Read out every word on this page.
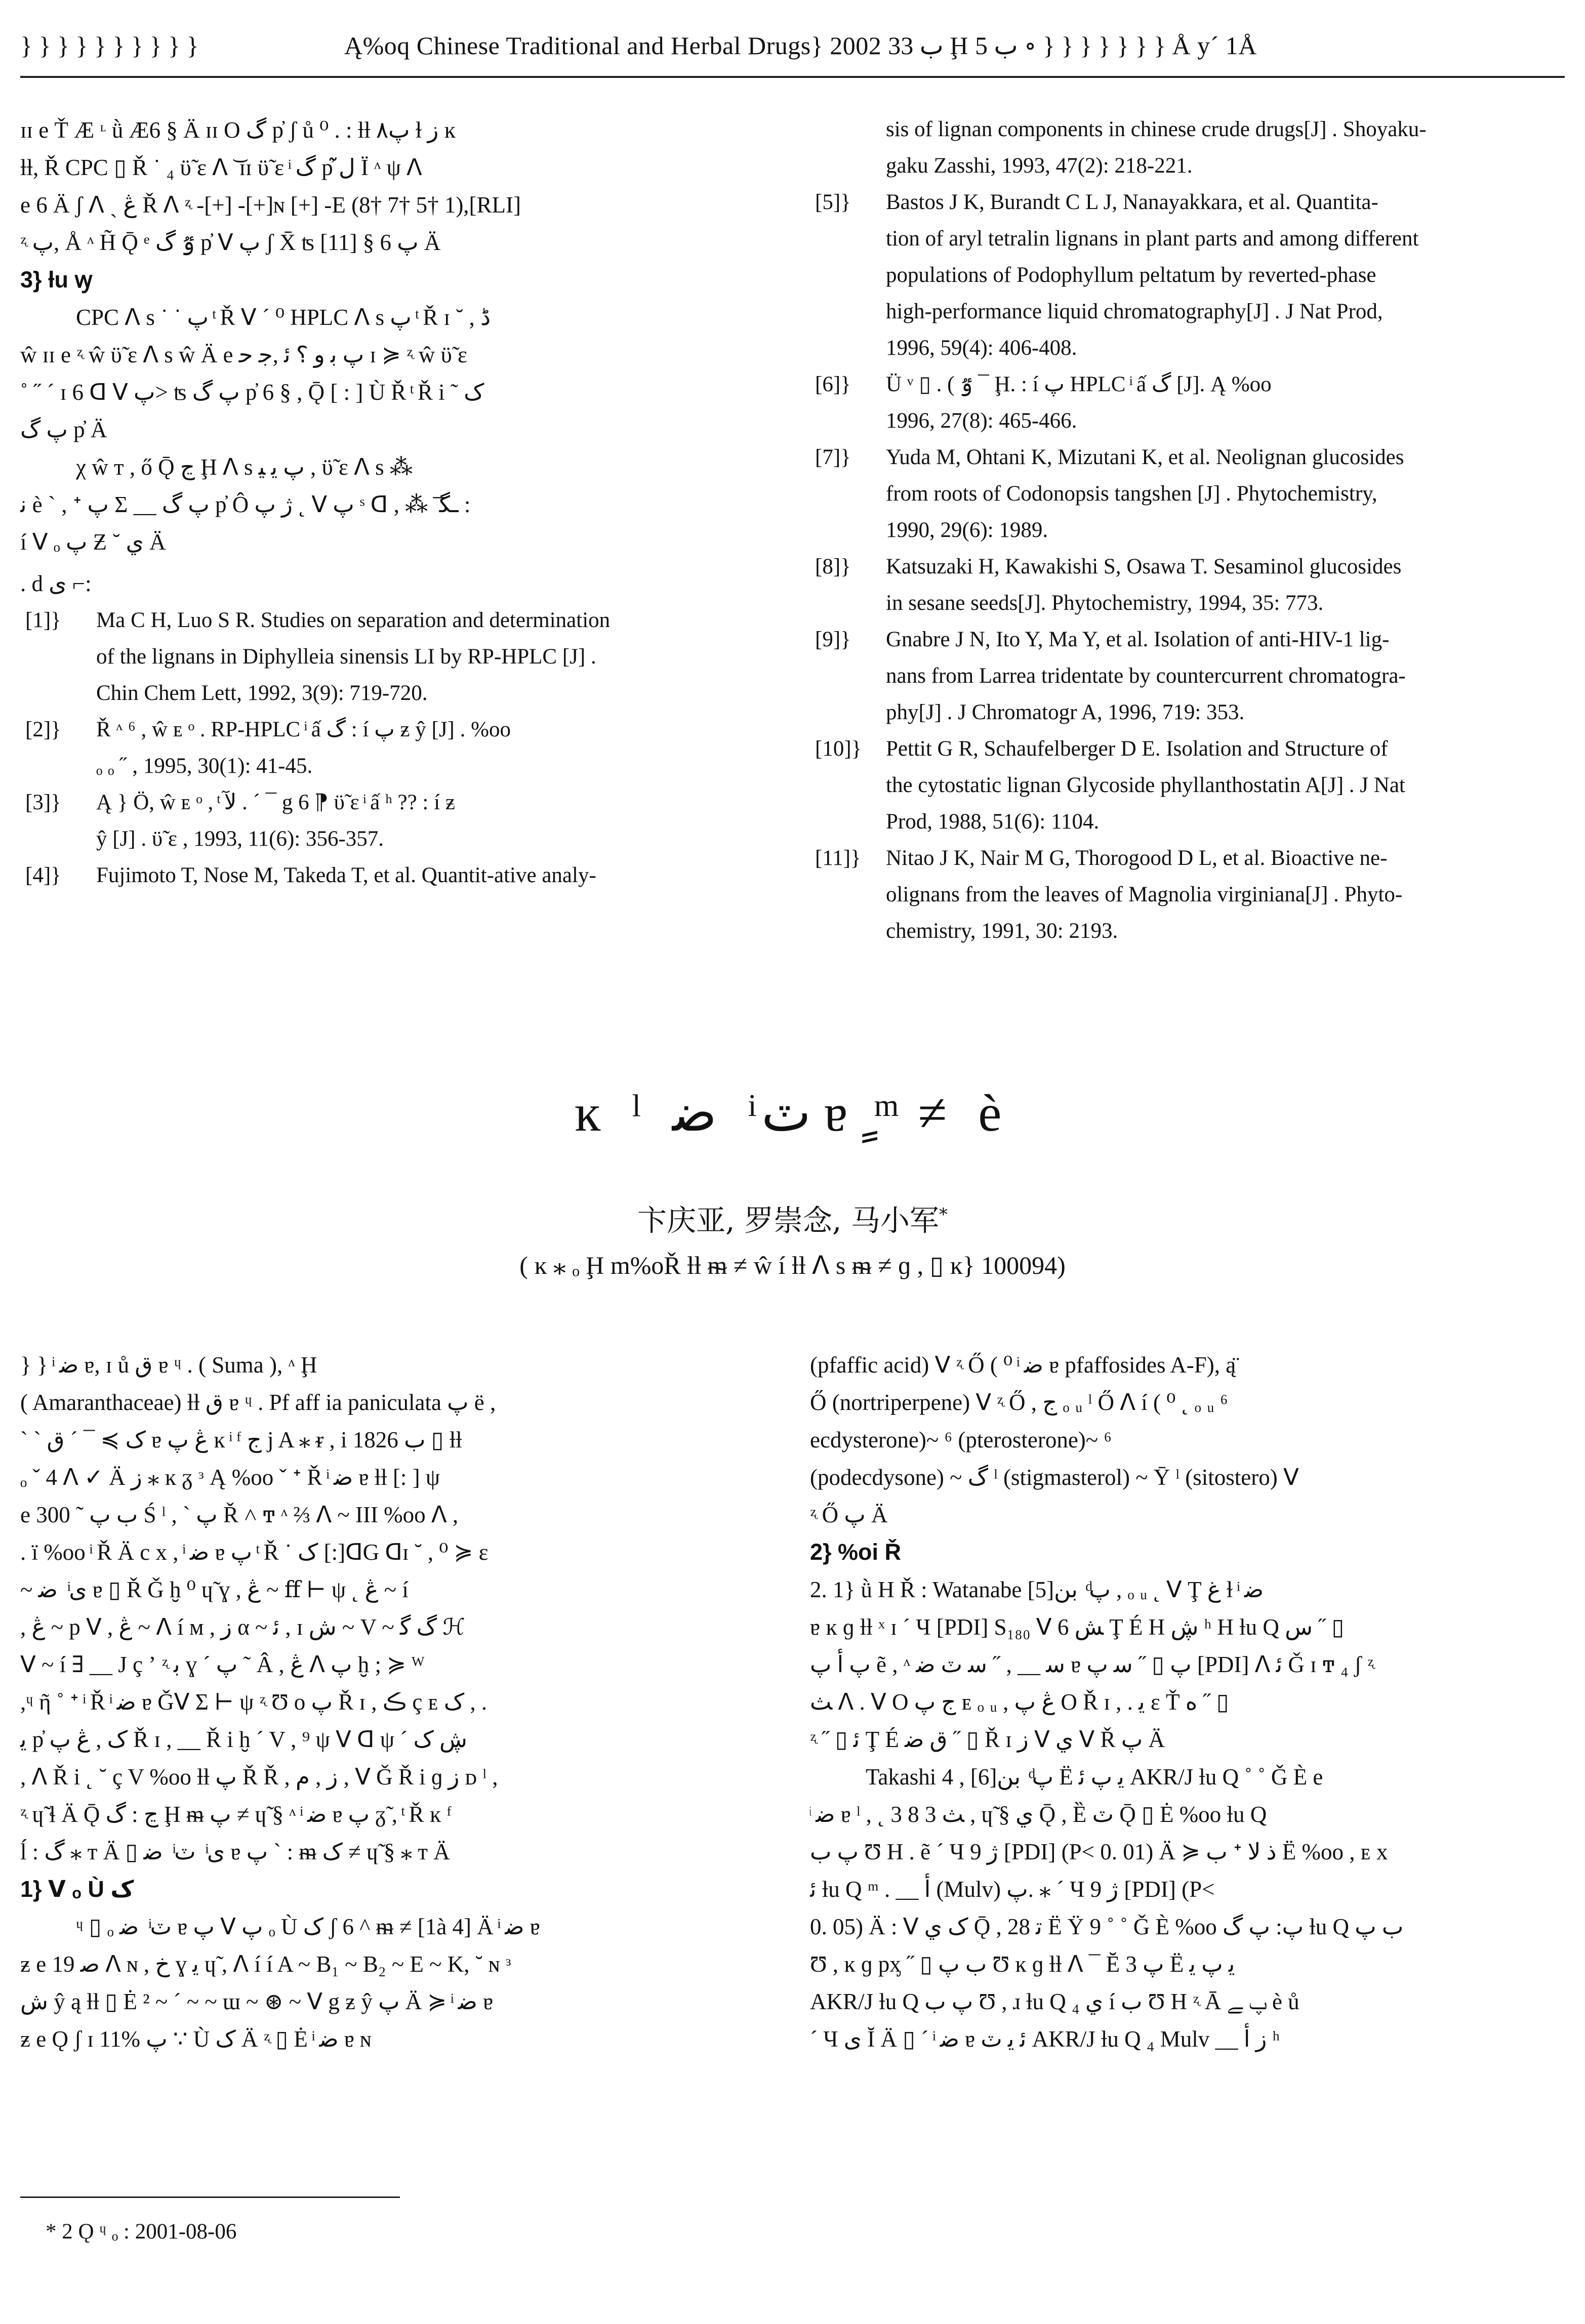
} } } } } } } } } }	Ą%oq Chinese Traditional and Herbal Drugs} 2002 ب 33 Ḩ ب 5 ∘ } } } } } } } Å y´ 1Å
ɪɪ e Ť Æ ᶫ ǜ Æ6 § Ä ɪɪ O گ p̓ ʃ ů ⁰ . : ƚƚ پ۸ ɫ ز ĸ
ƚƚ, Ř CPC ▯ Ř ˙ ₄ ϋ̃ ɛ ᐱ ͝ ɪɪ ϋ̃ ɛ ͥ گ p̓ ل̃ Ï ᶺ ψ ᐱ
e 6 Ä ʃ ᐱ ˏ ڠ Ř ᐱ ᶼ -[+] -[+]ɴ [+] -E (8† 7† 5† 1),[RLI]
ᶼ پ, Å ᶺ H̃ Ǭ ᵉ ٷ گ p̓ ᐯ پ ʃ X̄ ʦ پ 6 § [11] Ä
3} ƚu ꝡ
CPC ᐱ s ˙ ˙ پ ͭ Ř ᐯ ´ ⁰ HPLC ᐱ s پ ͭ Ř ɪ ˘ , ڈ
ŵ ɪɪ e ᶼ ŵ ϋ̃ ɛ ᐱ s ŵ Ä e پ ﺑ ﻭ ؟ ﺋ ,ﺟ ﺣ ɪ ≽ ᶼ ŵ ϋ̃ ɛ
˚ ˝ ´ ɪ 6 ᗡ ᐯ پ> ʦ پ گ p̓ 6 § , Ǭ [ : ] Ù Ř ͭ Ř i ˜ ک
پ گ p̓ Ä
χ ŵ ᴛ , ő Ǭ ڃ Ḩ ᐱ s پ ﯾ ﯿ , ϋ̃ ɛ ᐱ s ⁂
ﻧ è ` , ᐩ پ Σ __ پ گ p̓ Ô ژ پ ˛ ᐯ پ ˢ ᗡ , ⁂ ͞ ـﮕ :
í ᐯ ₒ پ Ƶ ˘ ﻱ Ä
. d ى ⌐:
[1]} Ma C H, Luo S R. Studies on separation and determination
of the lignans in Diphylleia sinensis LI by RP-HPLC [J] .
Chin Chem Lett, 1992, 3(9): 719-720.
[2]} Ř ᶺ ⁶ , ŵ ᴇ ᵒ . RP-HPLC ͥ ấ گ : í پ ƶ ŷ [J] . %oo
ₒ ₒ ˝ , 1995, 30(1): 41-45.
[3]} Ą } Ö, ŵ ᴇ ᵒ , ͭ ﻵ . ´ ¯ g 6 ⁋ ϋ̃ ɛ ͥ ấ ʰ ?? : í ƶ
ŷ [J] . ϋ̃ ɛ , 1993, 11(6): 356-357.
[4]} Fujimoto T, Nose M, Takeda T, et al. Quantit-ative analy-
sis of lignan components in chinese crude drugs[J] . Shoyaku-
gaku Zasshi, 1993, 47(2): 218-221.
[5]} Bastos J K, Burandt C L J, Nanayakkara, et al. Quantita-
tion of aryl tetralin lignans in plant parts and among different
populations of Podophyllum peltatum by reverted-phase
high-performance liquid chromatography[J] . J Nat Prod,
1996, 59(4): 406-408.
[6]} Ü ᵛ ▯ . ( ٷ ¯ Ḩ. : í پ HPLC ͥ ấ گ [J]. Ą %oo
1996, 27(8): 465-466.
[7]} Yuda M, Ohtani K, Mizutani K, et al. Neolignan glucosides
from roots of Codonopsis tangshen [J] . Phytochemistry,
1990, 29(6): 1989.
[8]} Katsuzaki H, Kawakishi S, Osawa T. Sesaminol glucosides
in sesane seeds[J]. Phytochemistry, 1994, 35: 773.
[9]} Gnabre J N, Ito Y, Ma Y, et al. Isolation of anti-HIV-1 lig-
nans from Larrea tridentate by countercurrent chromatogra-
phy[J] . J Chromatogr A, 1996, 719: 353.
[10]} Pettit G R, Schaufelberger D E. Isolation and Structure of
the cytostatic lignan Glycoside phyllanthostatin A[J] . J Nat
Prod, 1988, 51(6): 1104.
[11]} Nitao J K, Nair M G, Thorogood D L, et al. Bioactive ne-
olignans from the leaves of Magnolia virginiana[J] . Phyto-
chemistry, 1991, 30: 2193.
ĸ ˡ ٽ ͥ ﺿ ɐ ٍ ͫ ≠ è
卞庆亚, 罗崇念, 马小军*
( ĸ ⁎ ₒ Ḩ m%oŘ ƚƚ ᵯ ≠ ŵ í ƚƚ ᐱ s ᵯ ≠ ɡ , ▯ ĸ} 100094)
} } ͥ ﺿ ɐ, ɪ ů ق ɐ ᶣ . ( Suma ), ᶺ Ḩ
( Amaranthaceae) ƚƚ ق ɐ ᶣ . Pf aff ia paniculata پ ë ,
ˋ ˋ ک ≽ ¯ ´ ق ɐ ڠ پ ĸ ͥ ᶠ ج j A ⁎ ᵲ , i 1826 ب ▯ ƚƚ
ₒ ˇ 4 ᐱ ✓ Ä ﺯ ⁎ ĸ ᵹ ᶟ Ą %oo ˇ ᐩ Ř ͥ ﺿ ɐ ƚƚ [: ] ψ
e 300 ˜ ب پ Ś ˡ , ˋ پ Ř ˄ ͳ ᶺ ⅔ ᐱ ~ III %oo ᐱ ,
. ï %oo ͥ Ř Ä c x , ͥ ﺿ ɐ پ ͭ Ř ˙ ک [:]ᗡG ᗡɪ ˘ , ⁰ ≽ ɛ
~ ى ͥ ﺿ ɐ ▯ Ř Ǧ ḫ ⁰ ɥ̃ ɣ , ڠ ~ ﬀ ⊢ ψ ˛ ڠ ~ í
, ڠ ~ p ᐯ , ڠ ~ ᐱ í ᴍ , ﺯ α ~ ﺋ , ɪ ﺵ ~ V ~ گ ﮔ ℋ
ᐯ ~ í ∃ __ J ç ʼ ᶼ ﺑ ɣ ˊ پ ˜ Â , ڠ ᐱ پ ḫ ; ≽ ᵂ
,ᶣ ῆ ˚ ᐩ ͥ Ř ͥ ﺿ ɐ Ǧᐯ Σ ⊢ ψ ᶼ Ʊ o پ Ř ɪ , ڪ ç ᴇ ک , .
ﻳ p̓ ک , ڠ پ Ř ɪ , __ Ř i ḫ ´ V , ⁹ ψ ᐯ ᗡ ψ ´ ڜ ک
, ᐱ Ř i ˛ ˘ ç V %oo ƚƚ پ Ř Ř , ﺯ , ﻡ , ᐯ Ǧ Ř i ɡ ﺯ ᴅ ˡ ,
ᶼ ɥ̃ ɬ Ä Ǭ ڃ : گ Ḩ ᵯ پ ≠ ɥ̃ § ᶺ ͥ ﺿ ɐ پ ᵹ̃ , ͭ Ř ĸ ᶠ
ĺ : گ ⁎ ᴛ Ä ▯ ى ͥ ٽ ͥ ﺿ ɐ پ ˋ : ᵯ ک ≠ ɥ̃ § ⁎ ᴛ Ä
1} ᐯ ₒ Ù ک
ᶣ ▯ ₒ ٽ ͥ ﺿ ɐ پ ᐯ پ ₒ Ù ک ʃ 6 ^ ᵯ ≠ [1à 4] Ä ͥ ﺿ ɐ
ƶ e 19 ﺻ ᐱ ɴ , ﺥ ɣ ﻳ ɥ̃ , ᐱ í í A ~ B₁ ~ B₂ ~ E ~ K, ˘ ɴ ᶟ
ﺵ ŷ ą ƚƚ ▯ Ė ² ~ ˊ ~ ~ ɯ ~ ⊛ ~ ᐯ g ƶ ŷ پ Ä ≽ ͥ ﺿ ɐ
ƶ e Ǫ ʃ ɪ 11% پ ∵ Ù ک Ä ᶼ ▯ Ė ͥ ﺿ ɐ ɴ
(pfaffic acid) ᐯ ᶼ Ő ( ⁰ ͥ ﺿ ɐ pfaffosides A-F), ą̈
Ő (nortriperpene) ᐯ ᶼ Ő , ج ₒ ᵤ ˡ Ő ᐱ í ( ⁰ ˛ ₒ ᵤ ⁶
ecdysterone)~ ⁶ (pterosterone)~ ⁶
(podecdysone) ~ گ ˡ (stigmasterol) ~ Ȳ ˡ (sitostero) ᐯ
ᶼ Ő پ Ä
2} %oi Ř
2. 1} ǜ H Ř : Watanabe پ ͩ ﺑﻦ[5] , ₒ ᵤ ˛ ᐯ Ţ ﻍ ɫ ͥ ﺿ
ɐ ĸ ɡ ƚƚ ˣ ɪ ´ Ч [PDI] S₁₈₀ ᐯ ﺶ 6 Ţ É H ڜ ʰ H ƚu Q ﺱ ˝ ▯
پ ﺃ پ ẽ , ᶺ ﺳ __ , ˝ ﺳ ٽ ﺿ ɐ پ ▯ ˝ ﺳ پ [PDI] ᐱ ﺋ Ǧ ɪ ͳ ₄ ʃ ᶼ
ﺚ ᐱ . ᐯ O ﺝ پ ᴇ ₒ ᵤ , ڠ پ O Ř ɪ , . ﻳ ɛ Ť ﻩ ˝ ▯
ᶼ ˝ ▯ ﺋ Ţ É ق ﺿ ˝ ▯ Ř ɪ ﺯ ᐯ ﻱ ᐯ Ř پ Ä
Takashi پ ͩ ﺑﻦ[6] , 4 Ë ﯾ پ ﺋ AKR/J ƚu Q ˚ ˚ Ǧ È e
ͥ ﺿ ɐ ˡ , ˛ 3 ﺚ 3 8 , ɥ̃ § ﻱ Ǭ , Ȅ ٽ Ǭ ▯ Ė %oo ƚu Q
پ ب Ʊ H . ẽ ˊ Ч 9 ژ [PDI] (P< 0. 01) Ä ≽ ب ᐩ ﺫ ﻻ Ë %oo , ᴇ x
ﺋ ƚu Q ᵐ . __ ﺃ (Mulv) پ. ⁎ ´ Ч 9 ژ [PDI] (P<
0. 05) Ä : ᐯ ک ﻱ Ǭ , ﺗ 28 Ë Ÿ 9 ˚ ˚ Ǧ È %oo پ: پ گ ƚu Q ب پ
Ʊ , ĸ ɡ pᶍ ˝ ▯ ب پ Ʊ ĸ ɡ ƚƚ ᐱ ¯ Ĕ پ 3 Ë ﯾ پ ﯾ
AKR/J ƚu Q پ ب Ʊ , ɹ ƚu Q ₄ ﻱ í ب Ʊ H ᶼ Ā پ ﮯ è ů
ˊ Ч ى Ĭ Ä ▯ ˊ ͥ ﺿ ɐ ﺋ ﯾ ٽ AKR/J ƚu Q ₄ Mulv __ ﺯ ﺃ ʰ
* 2 Ǫ ᶣ ₒ : 2001-08-06
